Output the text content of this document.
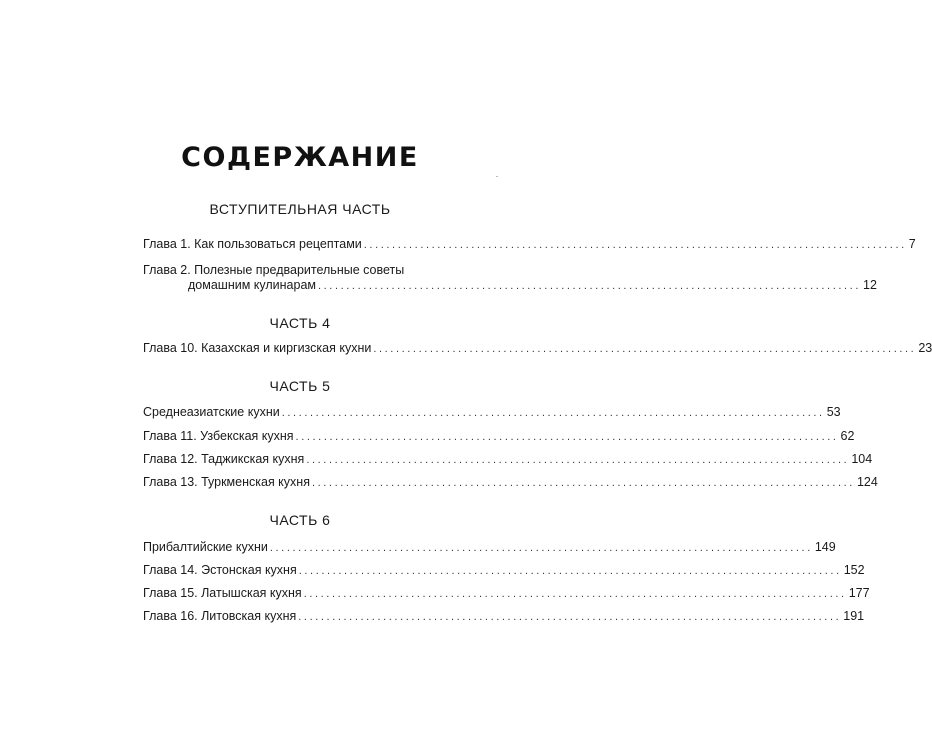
СОДЕРЖАНИЕ
ВСТУПИТЕЛЬНАЯ ЧАСТЬ
Глава 1. Как пользоваться рецептами ................................................................................................ 7
Глава 2. Полезные предварительные советы
домашним кулинарам ................................................................................................ 12
ЧАСТЬ 4
Глава 10. Казахская и киргизская кухни ................................................................................................ 23
ЧАСТЬ 5
Среднеазиатские кухни ................................................................................................ 53
Глава 11. Узбекская кухня ................................................................................................ 62
Глава 12. Таджикская кухня ................................................................................................ 104
Глава 13. Туркменская кухня ................................................................................................ 124
ЧАСТЬ 6
Прибалтийские кухни ................................................................................................ 149
Глава 14. Эстонская кухня ................................................................................................ 152
Глава 15. Латышская кухня ................................................................................................ 177
Глава 16. Литовская кухня ................................................................................................ 191
